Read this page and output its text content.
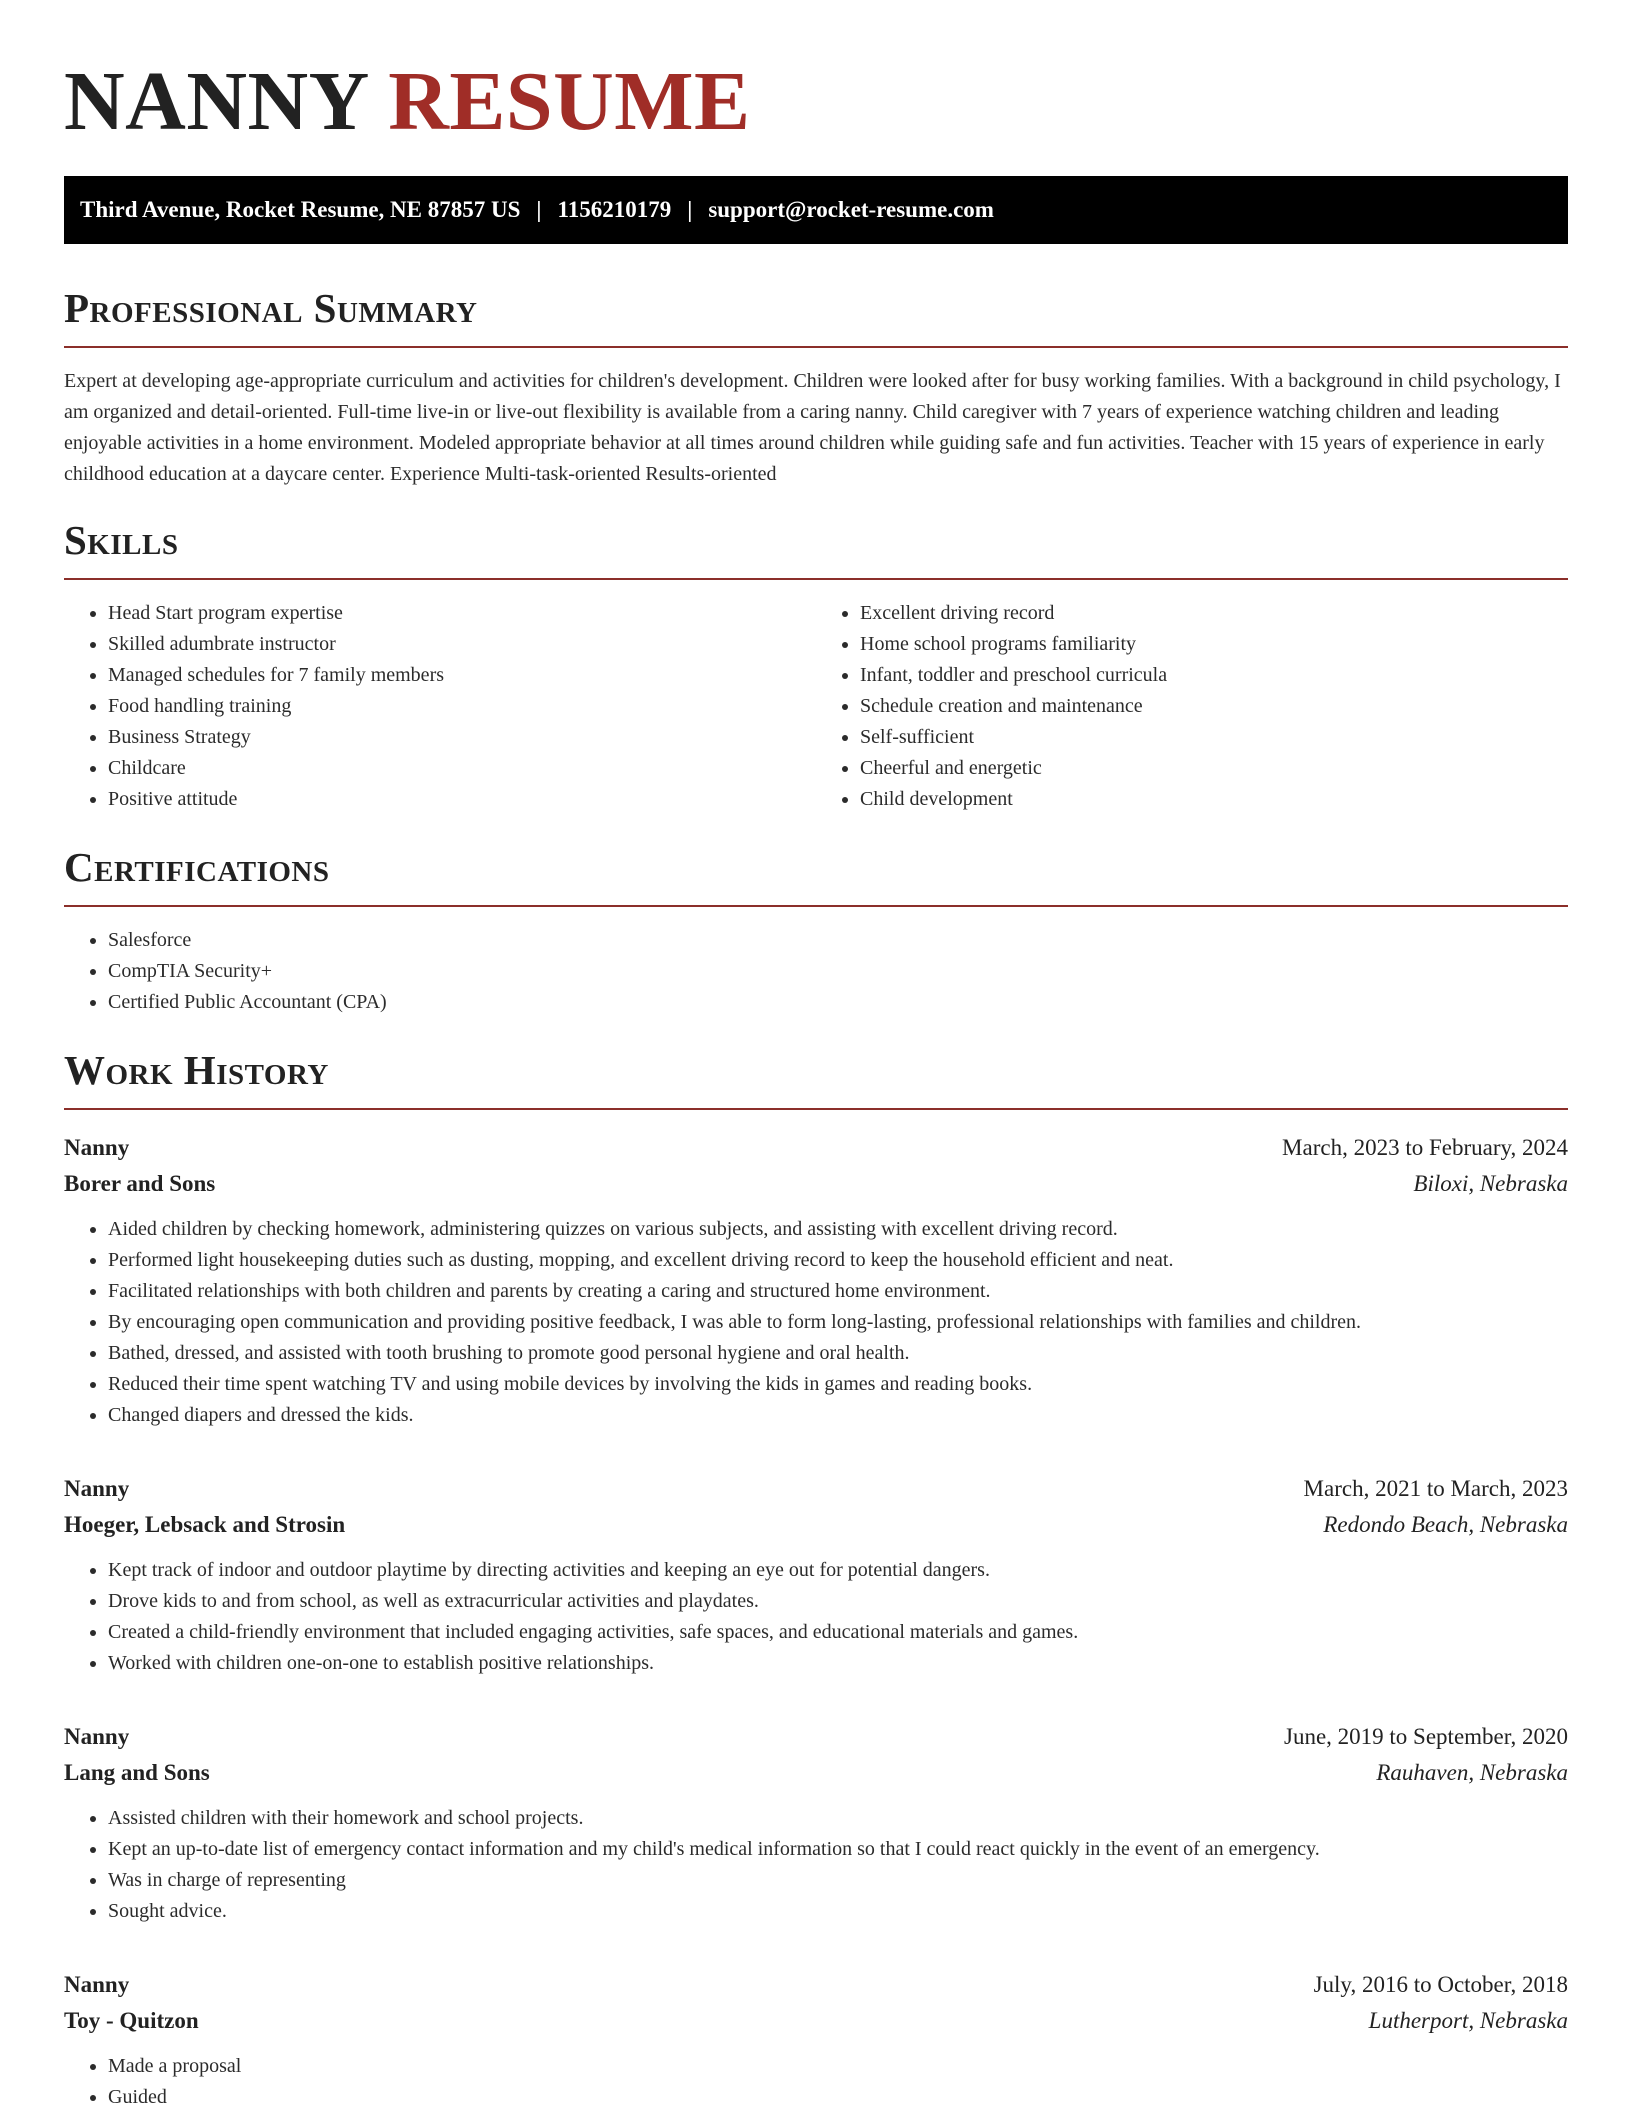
NANNY RESUME
Third Avenue, Rocket Resume, NE 87857 US | 1156210179 | support@rocket-resume.com
Professional Summary

Expert at developing age-appropriate curriculum and activities for children's development. Children were looked after for busy working families. With a background in child psychology, I am organized and detail-oriented. Full-time live-in or live-out flexibility is available from a caring nanny. Child caregiver with 7 years of experience watching children and leading enjoyable activities in a home environment. Modeled appropriate behavior at all times around children while guiding safe and fun activities. Teacher with 15 years of experience in early childhood education at a daycare center. Experience Multi-task-oriented Results-oriented

Skills
• Head Start program expertise
• Skilled adumbrate instructor
• Managed schedules for 7 family members
• Food handling training
• Business Strategy
• Childcare
• Positive attitude
• Excellent driving record
• Home school programs familiarity
• Infant, toddler and preschool curricula
• Schedule creation and maintenance
• Self-sufficient
• Cheerful and energetic
• Child development
Certifications
• Salesforce
• CompTIA Security+
• Certified Public Accountant (CPA)
Work History
Nanny	March, 2023 to February, 2024
Borer and Sons	Biloxi, Nebraska
• Aided children by checking homework, administering quizzes on various subjects, and assisting with excellent driving record.
• Performed light housekeeping duties such as dusting, mopping, and excellent driving record to keep the household efficient and neat.
• Facilitated relationships with both children and parents by creating a caring and structured home environment.
• By encouraging open communication and providing positive feedback, I was able to form long-lasting, professional relationships with families and children.
• Bathed, dressed, and assisted with tooth brushing to promote good personal hygiene and oral health.
• Reduced their time spent watching TV and using mobile devices by involving the kids in games and reading books.
• Changed diapers and dressed the kids.
Nanny	March, 2021 to March, 2023
Hoeger, Lebsack and Strosin	Redondo Beach, Nebraska
• Kept track of indoor and outdoor playtime by directing activities and keeping an eye out for potential dangers.
• Drove kids to and from school, as well as extracurricular activities and playdates.
• Created a child-friendly environment that included engaging activities, safe spaces, and educational materials and games.
• Worked with children one-on-one to establish positive relationships.
Nanny	June, 2019 to September, 2020
Lang and Sons	Rauhaven, Nebraska
• Assisted children with their homework and school projects.
• Kept an up-to-date list of emergency contact information and my child's medical information so that I could react quickly in the event of an emergency.
• Was in charge of representing
• Sought advice.
Nanny	July, 2016 to October, 2018
Toy - Quitzon	Lutherport, Nebraska
• Made a proposal
• Guided
